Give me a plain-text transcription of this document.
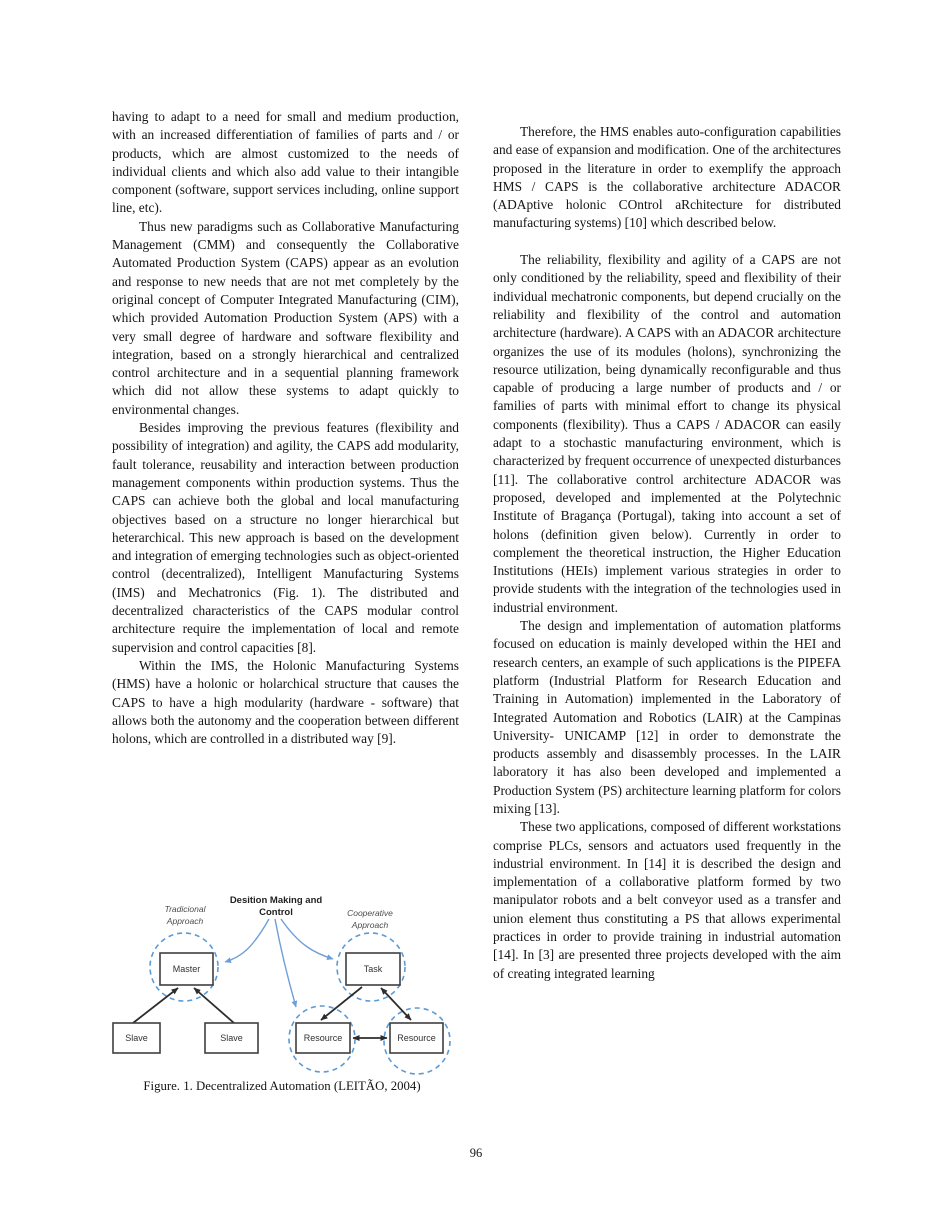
having to adapt to a need for small and medium production, with an increased differentiation of families of parts and / or products, which are almost customized to the needs of individual clients and which also add value to their intangible component (software, support services including, online support line, etc).

Thus new paradigms such as Collaborative Manufacturing Management (CMM) and consequently the Collaborative Automated Production System (CAPS) appear as an evolution and response to new needs that are not met completely by the original concept of Computer Integrated Manufacturing (CIM), which provided Automation Production System (APS) with a very small degree of hardware and software flexibility and integration, based on a strongly hierarchical and centralized control architecture and in a sequential planning framework which did not allow these systems to adapt quickly to environmental changes.

Besides improving the previous features (flexibility and possibility of integration) and agility, the CAPS add modularity, fault tolerance, reusability and interaction between production management components within production systems. Thus the CAPS can achieve both the global and local manufacturing objectives based on a structure no longer hierarchical but heterarchical. This new approach is based on the development and integration of emerging technologies such as object-oriented control (decentralized), Intelligent Manufacturing Systems (IMS) and Mechatronics (Fig. 1). The distributed and decentralized characteristics of the CAPS modular control architecture require the implementation of local and remote supervision and control capacities [8].

Within the IMS, the Holonic Manufacturing Systems (HMS) have a holonic or holarchical structure that causes the CAPS to have a high modularity (hardware - software) that allows both the autonomy and the cooperation between different holons, which are controlled in a distributed way [9].

Therefore, the HMS enables auto-configuration capabilities and ease of expansion and modification. One of the architectures proposed in the literature in order to exemplify the approach HMS / CAPS is the collaborative architecture ADACOR (ADAptive holonic COntrol aRchitecture for distributed manufacturing systems) [10] which described below.

The reliability, flexibility and agility of a CAPS are not only conditioned by the reliability, speed and flexibility of their individual mechatronic components, but depend crucially on the reliability and flexibility of the control and automation architecture (hardware). A CAPS with an ADACOR architecture organizes the use of its modules (holons), synchronizing the resource utilization, being dynamically reconfigurable and thus capable of producing a large number of products and / or families of parts with minimal effort to change its physical components (flexibility). Thus a CAPS / ADACOR can easily adapt to a stochastic manufacturing environment, which is characterized by frequent occurrence of unexpected disturbances [11]. The collaborative control architecture ADACOR was proposed, developed and implemented at the Polytechnic Institute of Bragança (Portugal), taking into account a set of holons (definition given below). Currently in order to complement the theoretical instruction, the Higher Education Institutions (HEIs) implement various strategies in order to provide students with the integration of the technologies used in industrial environment.

The design and implementation of automation platforms focused on education is mainly developed within the HEI and research centers, an example of such applications is the PIPEFA platform (Industrial Platform for Research Education and Training in Automation) implemented in the Laboratory of Integrated Automation and Robotics (LAIR) at the Campinas University- UNICAMP [12] in order to demonstrate the products assembly and disassembly processes. In the LAIR laboratory it has also been developed and implemented a Production System (PS) architecture learning platform for colors mixing [13].

These two applications, composed of different workstations comprise PLCs, sensors and actuators used frequently in the industrial environment. In [14] it is described the design and implementation of a collaborative platform formed by two manipulator robots and a belt conveyor used as a transfer and union element thus constituting a PS that allows experimental practices in order to provide training in industrial automation [14]. In [3] are presented three projects developed with the aim of creating integrated learning

Desition Making and
Control
Tradicional
Approach
Cooperative
Approach
Master
Slave	Slave
Task
Resource	Resource
Figure. 1. Decentralized Automation (LEITÃO, 2004)
96
